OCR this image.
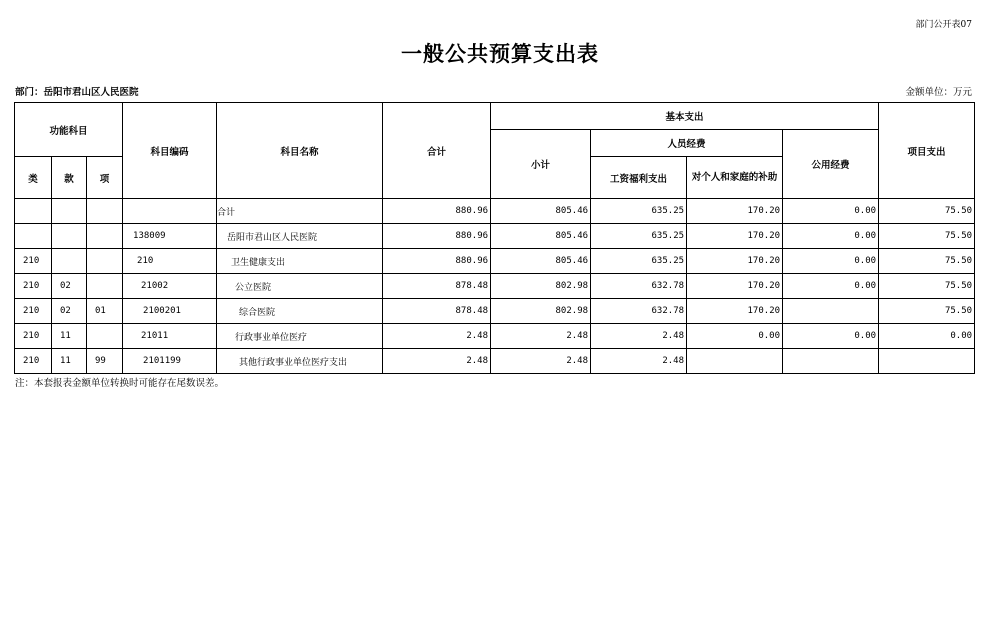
部门公开表07
一般公共预算支出表
部门：岳阳市君山区人民医院	金额单位：万元
功能科目			科目编码	科目名称	合计	基本支出				项目支出
						小计	人员经费		公用经费	
类	款	项					工资福利支出	对个人和家庭的补助		
				合计	880.96	805.46	635.25	170.20	0.00	75.50
			138009	岳阳市君山区人民医院	880.96	805.46	635.25	170.20	0.00	75.50
210			210	卫生健康支出	880.96	805.46	635.25	170.20	0.00	75.50
210	02		21002	公立医院	878.48	802.98	632.78	170.20	0.00	75.50
210	02	01	2100201	综合医院	878.48	802.98	632.78	170.20		75.50
210	11		21011	行政事业单位医疗	2.48	2.48	2.48	0.00	0.00	0.00
210	11	99	2101199	其他行政事业单位医疗支出	2.48	2.48	2.48			
注：本套报表金额单位转换时可能存在尾数误差。
